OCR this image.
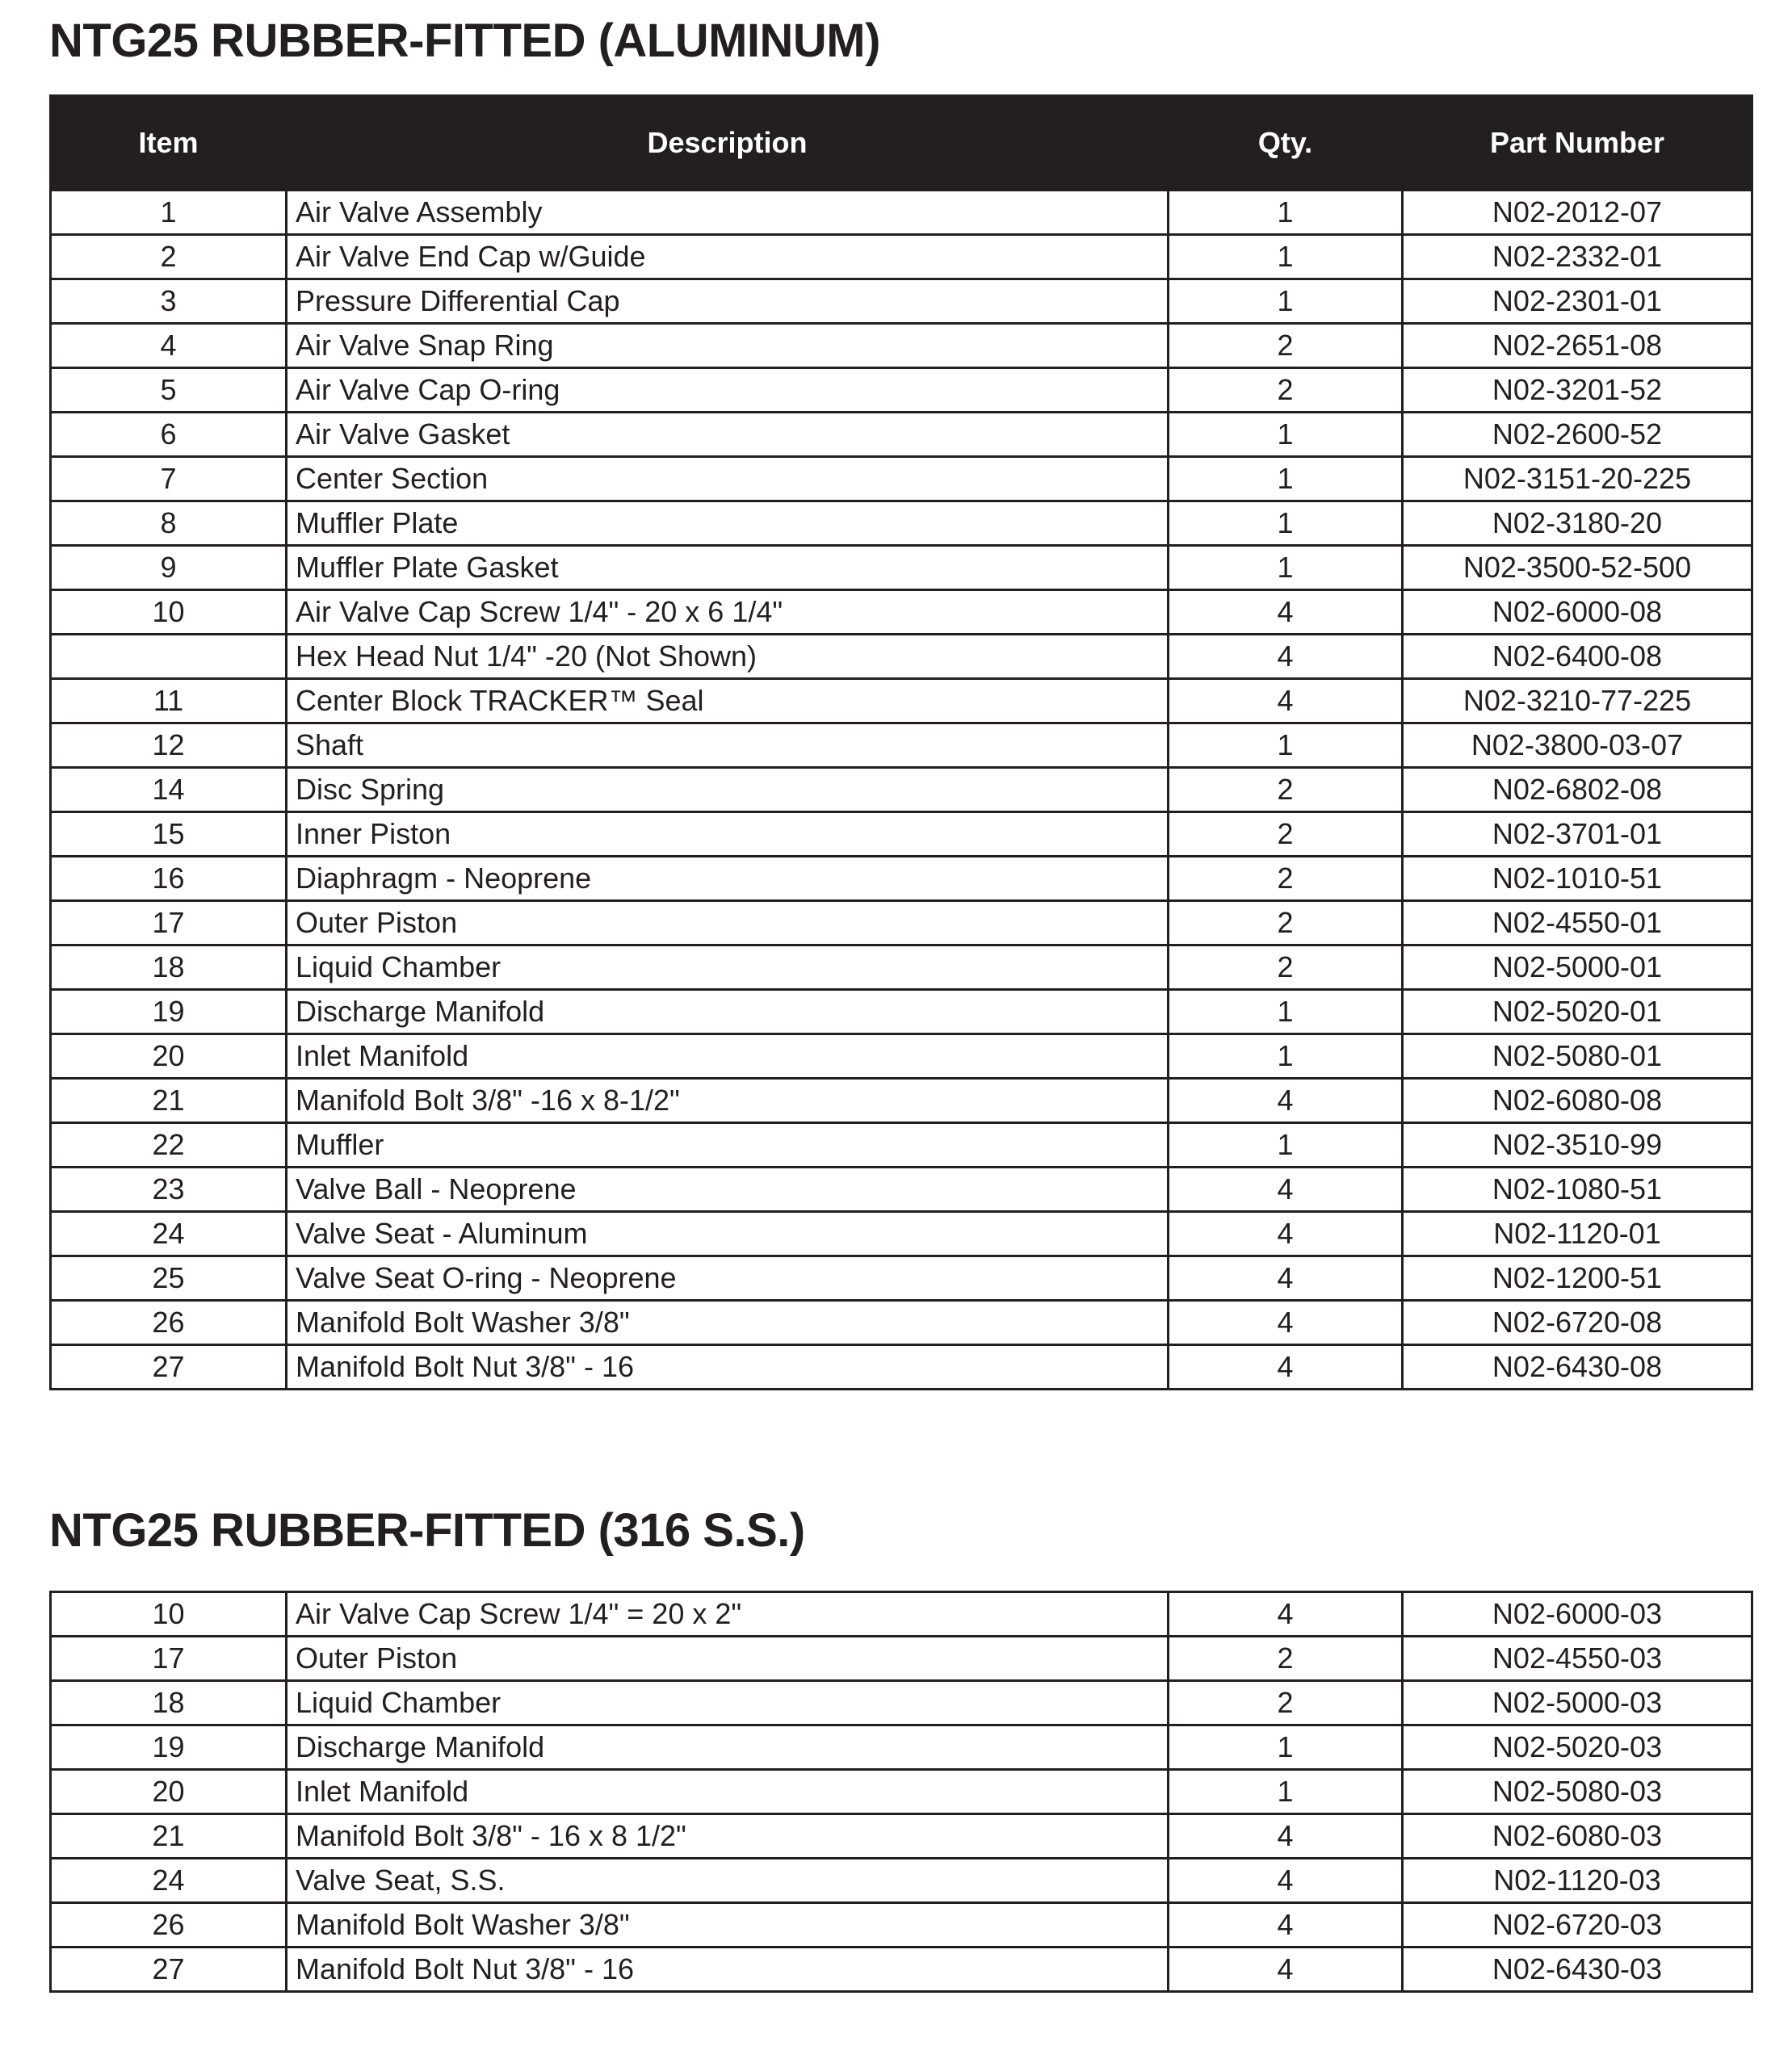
NTG25 RUBBER-FITTED (ALUMINUM)
Item	Description	Qty.	Part Number
1	Air Valve Assembly	1	N02-2012-07
2	Air Valve End Cap w/Guide	1	N02-2332-01
3	Pressure Differential Cap	1	N02-2301-01
4	Air Valve Snap Ring	2	N02-2651-08
5	Air Valve Cap O-ring	2	N02-3201-52
6	Air Valve Gasket	1	N02-2600-52
7	Center Section	1	N02-3151-20-225
8	Muffler Plate	1	N02-3180-20
9	Muffler Plate Gasket	1	N02-3500-52-500
10	Air Valve Cap Screw 1/4" - 20 x 6 1/4"	4	N02-6000-08
	Hex Head Nut 1/4" -20 (Not Shown)	4	N02-6400-08
11	Center Block TRACKER™ Seal	4	N02-3210-77-225
12	Shaft	1	N02-3800-03-07
14	Disc Spring	2	N02-6802-08
15	Inner Piston	2	N02-3701-01
16	Diaphragm - Neoprene	2	N02-1010-51
17	Outer Piston	2	N02-4550-01
18	Liquid Chamber	2	N02-5000-01
19	Discharge Manifold	1	N02-5020-01
20	Inlet Manifold	1	N02-5080-01
21	Manifold Bolt 3/8" -16 x 8-1/2"	4	N02-6080-08
22	Muffler	1	N02-3510-99
23	Valve Ball - Neoprene	4	N02-1080-51
24	Valve Seat - Aluminum	4	N02-1120-01
25	Valve Seat O-ring - Neoprene	4	N02-1200-51
26	Manifold Bolt Washer 3/8"	4	N02-6720-08
27	Manifold Bolt Nut 3/8" - 16	4	N02-6430-08
NTG25 RUBBER-FITTED (316 S.S.)
10	Air Valve Cap Screw 1/4" = 20 x 2"	4	N02-6000-03
17	Outer Piston	2	N02-4550-03
18	Liquid Chamber	2	N02-5000-03
19	Discharge Manifold	1	N02-5020-03
20	Inlet Manifold	1	N02-5080-03
21	Manifold Bolt 3/8" - 16 x 8 1/2"	4	N02-6080-03
24	Valve Seat, S.S.	4	N02-1120-03
26	Manifold Bolt Washer 3/8"	4	N02-6720-03
27	Manifold Bolt Nut 3/8" - 16	4	N02-6430-03
